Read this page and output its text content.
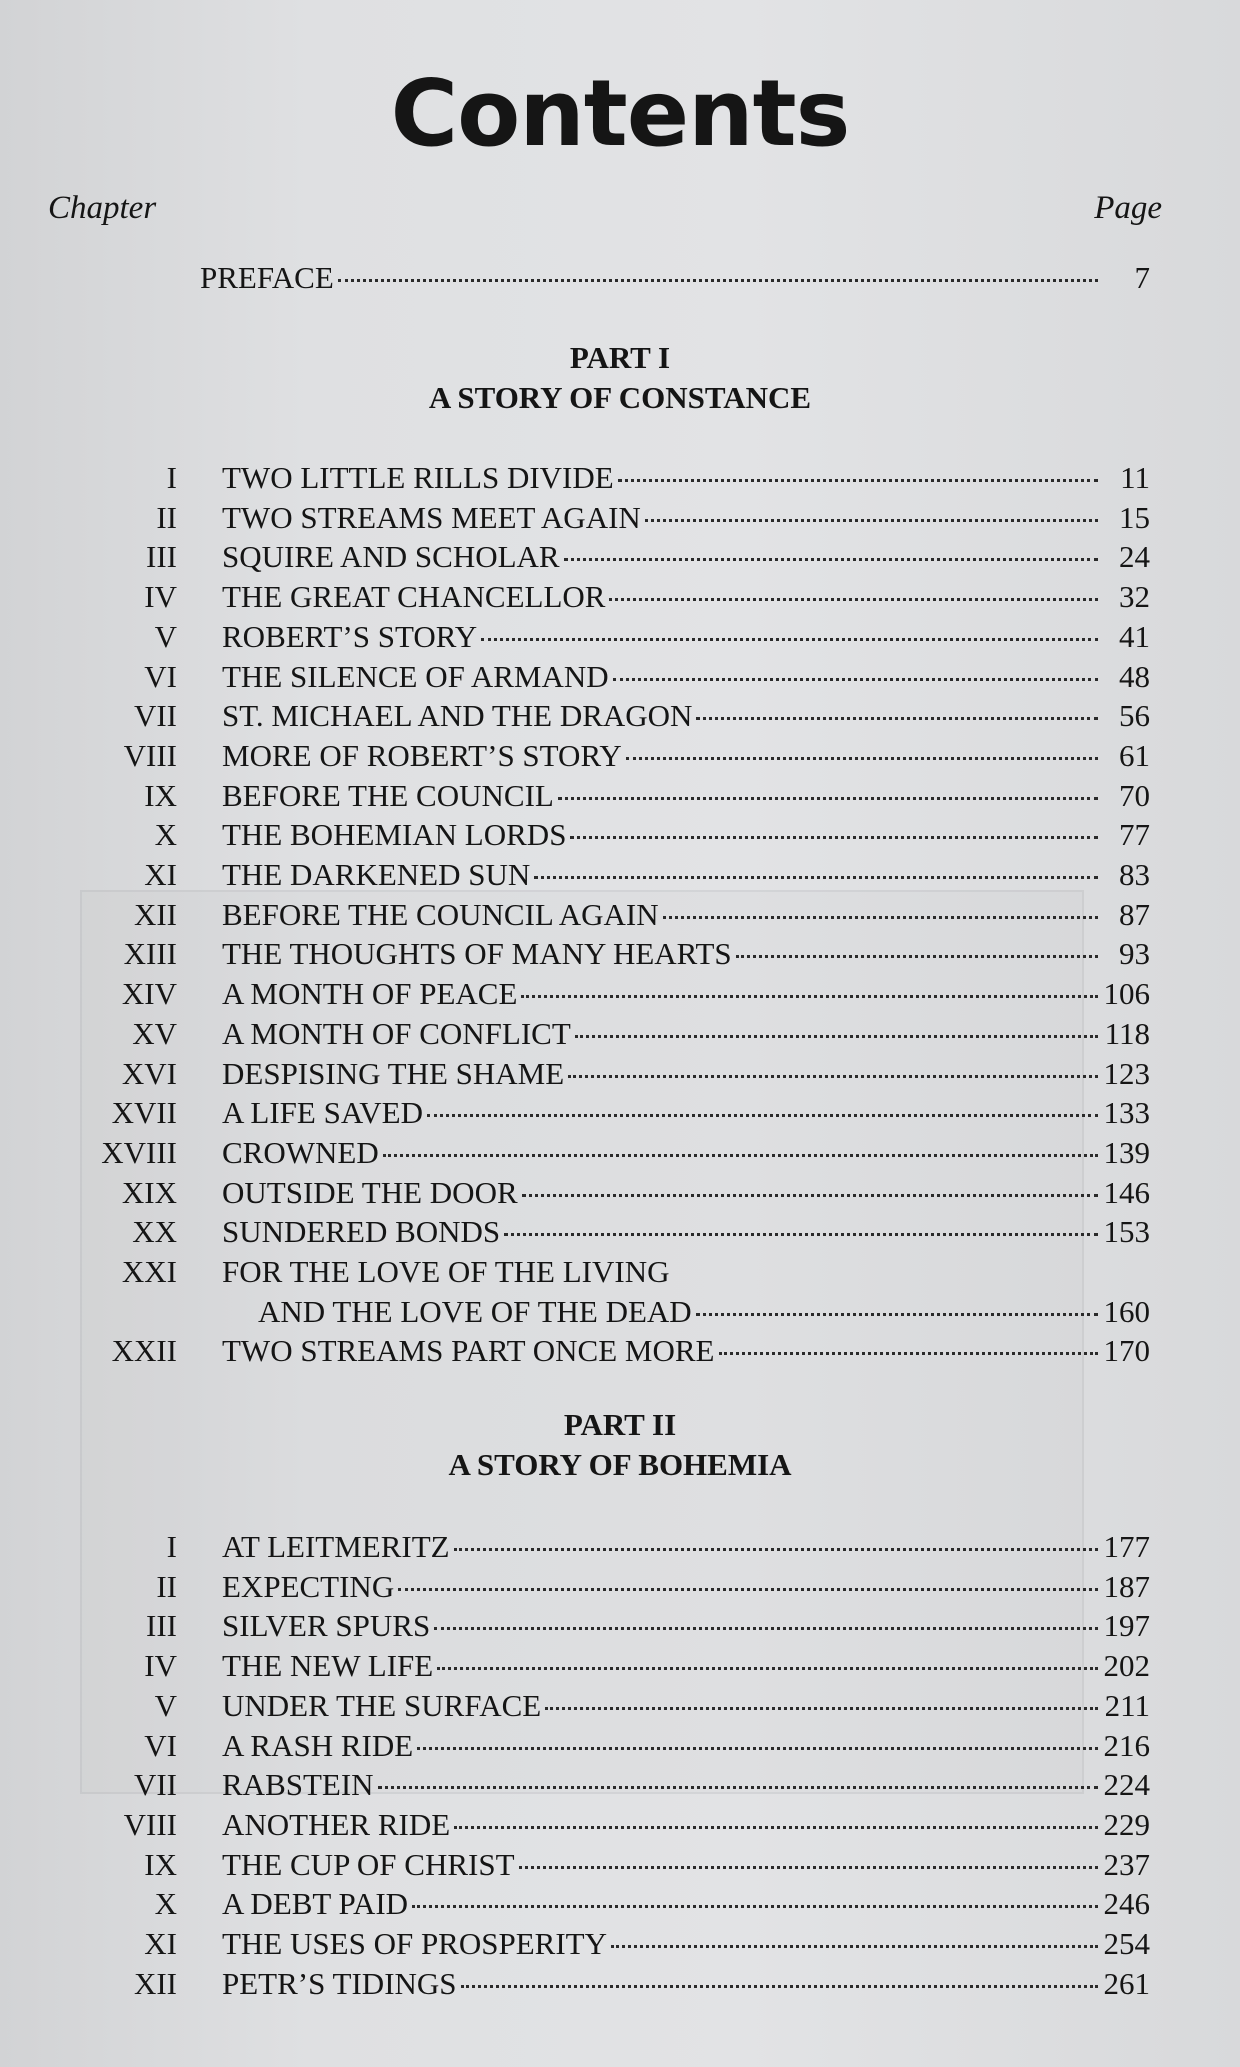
Contents
Chapter	Page
PREFACE	7
PART I
A STORY OF CONSTANCE
I TWO LITTLE RILLS DIVIDE	11
II TWO STREAMS MEET AGAIN	15
III SQUIRE AND SCHOLAR	24
IV THE GREAT CHANCELLOR	32
V ROBERT’S STORY	41
VI THE SILENCE OF ARMAND	48
VII ST. MICHAEL AND THE DRAGON	56
VIII MORE OF ROBERT’S STORY	61
IX BEFORE THE COUNCIL	70
X THE BOHEMIAN LORDS	77
XI THE DARKENED SUN	83
XII BEFORE THE COUNCIL AGAIN	87
XIII THE THOUGHTS OF MANY HEARTS	93
XIV A MONTH OF PEACE	106
XV A MONTH OF CONFLICT	118
XVI DESPISING THE SHAME	123
XVII A LIFE SAVED	133
XVIII CROWNED	139
XIX OUTSIDE THE DOOR	146
XX SUNDERED BONDS	153
XXI FOR THE LOVE OF THE LIVING
AND THE LOVE OF THE DEAD	160
XXII TWO STREAMS PART ONCE MORE	170
PART II
A STORY OF BOHEMIA
I AT LEITMERITZ	177
II EXPECTING	187
III SILVER SPURS	197
IV THE NEW LIFE	202
V UNDER THE SURFACE	211
VI A RASH RIDE	216
VII RABSTEIN	224
VIII ANOTHER RIDE	229
IX THE CUP OF CHRIST	237
X A DEBT PAID	246
XI THE USES OF PROSPERITY	254
XII PETR’S TIDINGS	261
